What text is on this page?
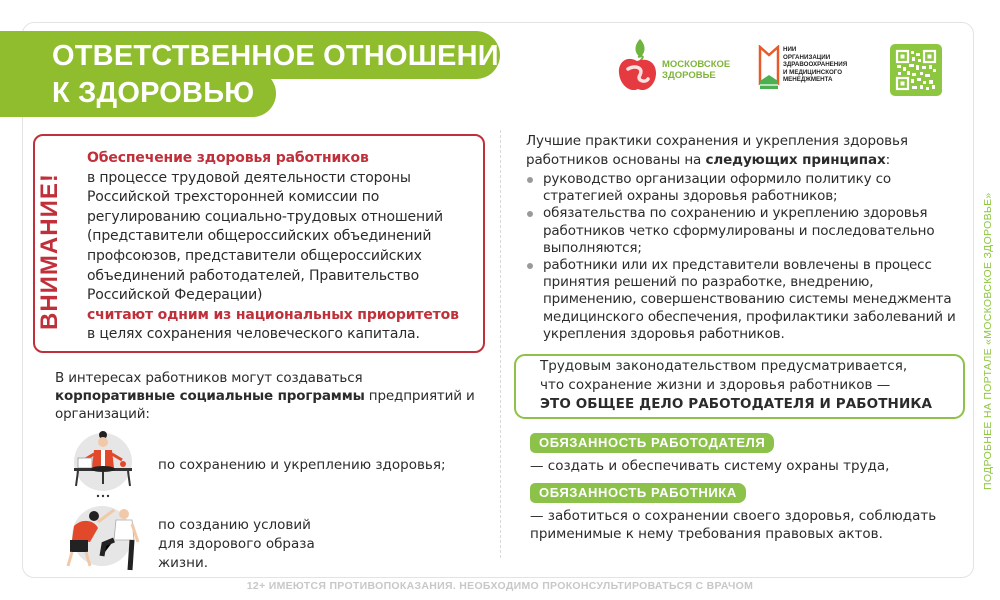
ОТВЕТСТВЕННОЕ ОТНОШЕНИЕ
К ЗДОРОВЬЮ
МОСКОВСКОЕ
ЗДОРОВЬЕ
НИИ
ОРГАНИЗАЦИИ
ЗДРАВООХРАНЕНИЯ
И МЕДИЦИНСКОГО
МЕНЕДЖМЕНТА
ВНИМАНИЕ!
Обеспечение здоровья работников
в процессе трудовой деятельности стороны Российской трехсторонней комиссии по регулированию социально-трудовых отношений (представители общероссийских объединений профсоюзов, представители общероссийских объединений работодателей, Правительство Российской Федерации)
считают одним из национальных приоритетов
в целях сохранения человеческого капитала.
В интересах работников могут создаваться
корпоративные социальные программы предприятий и организаций:
по сохранению и укреплению здоровья;
по созданию условий для здорового образа жизни.
Лучшие практики сохранения и укрепления здоровья работников основаны на следующих принципах:
руководство организации оформило политику со стратегией охраны здоровья работников;
обязательства по сохранению и укреплению здоровья работников четко сформулированы и последовательно выполняются;
работники или их представители вовлечены в процесс принятия решений по разработке, внедрению, применению, совершенствованию системы менеджмента медицинского обеспечения, профилактики заболеваний и укрепления здоровья работников.
Трудовым законодательством предусматривается,
что сохранение жизни и здоровья работников —
ЭТО ОБЩЕЕ ДЕЛО РАБОТОДАТЕЛЯ И РАБОТНИКА
ОБЯЗАННОСТЬ РАБОТОДАТЕЛЯ
— создать и обеспечивать систему охраны труда,
ОБЯЗАННОСТЬ РАБОТНИКА
— заботиться о сохранении своего здоровья, соблюдать применимые к нему требования правовых актов.
ПОДРОБНЕЕ НА ПОРТАЛЕ «МОСКОВСКОЕ ЗДОРОВЬЕ»
12+ ИМЕЮТСЯ ПРОТИВОПОКАЗАНИЯ. НЕОБХОДИМО ПРОКОНСУЛЬТИРОВАТЬСЯ С ВРАЧОМ
